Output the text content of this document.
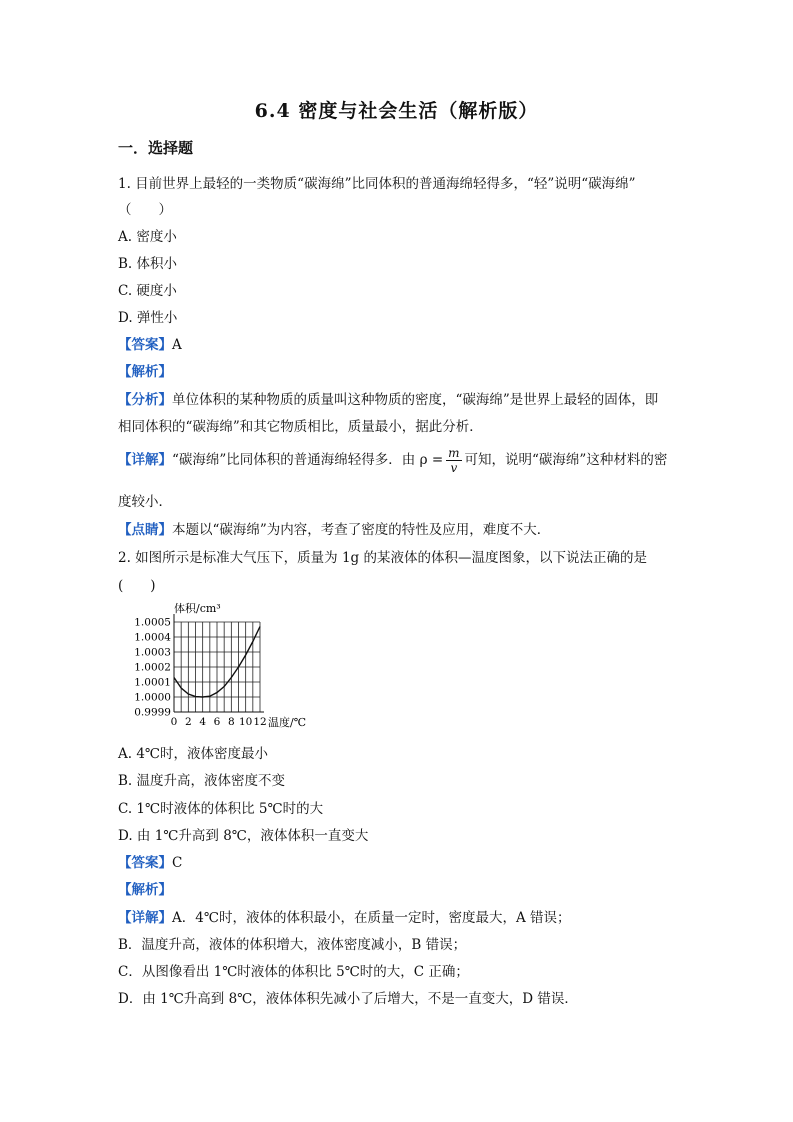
6.4 密度与社会生活（解析版）
一．选择题
1. 目前世界上最轻的一类物质“碳海绵”比同体积的普通海绵轻得多，“轻”说明“碳海绵”
（　　）
A. 密度小
B. 体积小
C. 硬度小
D. 弹性小
【答案】A
【解析】
【分析】单位体积的某种物质的质量叫这种物质的密度，“碳海绵”是世界上最轻的固体，即
相同体积的“碳海绵”和其它物质相比，质量最小，据此分析．
【详解】“碳海绵”比同体积的普通海绵轻得多．由 $\rho = \frac{m}{v}$ 可知，说明“碳海绵”这种材料的密
度较小．
【点睛】本题以“碳海绵”为内容，考查了密度的特性及应用，难度不大．
2. 如图所示是标准大气压下，质量为 1g 的某液体的体积—温度图象，以下说法正确的是
(　　)
0.9999
1.0000
1.0001
1.0002
1.0003
1.0004
1.0005
0 2 4 6 8 10 12
体积/cm³
温度/℃
A. 4℃时，液体密度最小
B. 温度升高，液体密度不变
C. 1℃时液体的体积比 5℃时的大
D. 由 1℃升高到 8℃，液体体积一直变大
【答案】C
【解析】
【详解】A．4℃时，液体的体积最小，在质量一定时，密度最大，A 错误；
B．温度升高，液体的体积增大，液体密度减小，B 错误；
C．从图像看出 1℃时液体的体积比 5℃时的大，C 正确；
D．由 1℃升高到 8℃，液体体积先减小了后增大，不是一直变大，D 错误．
